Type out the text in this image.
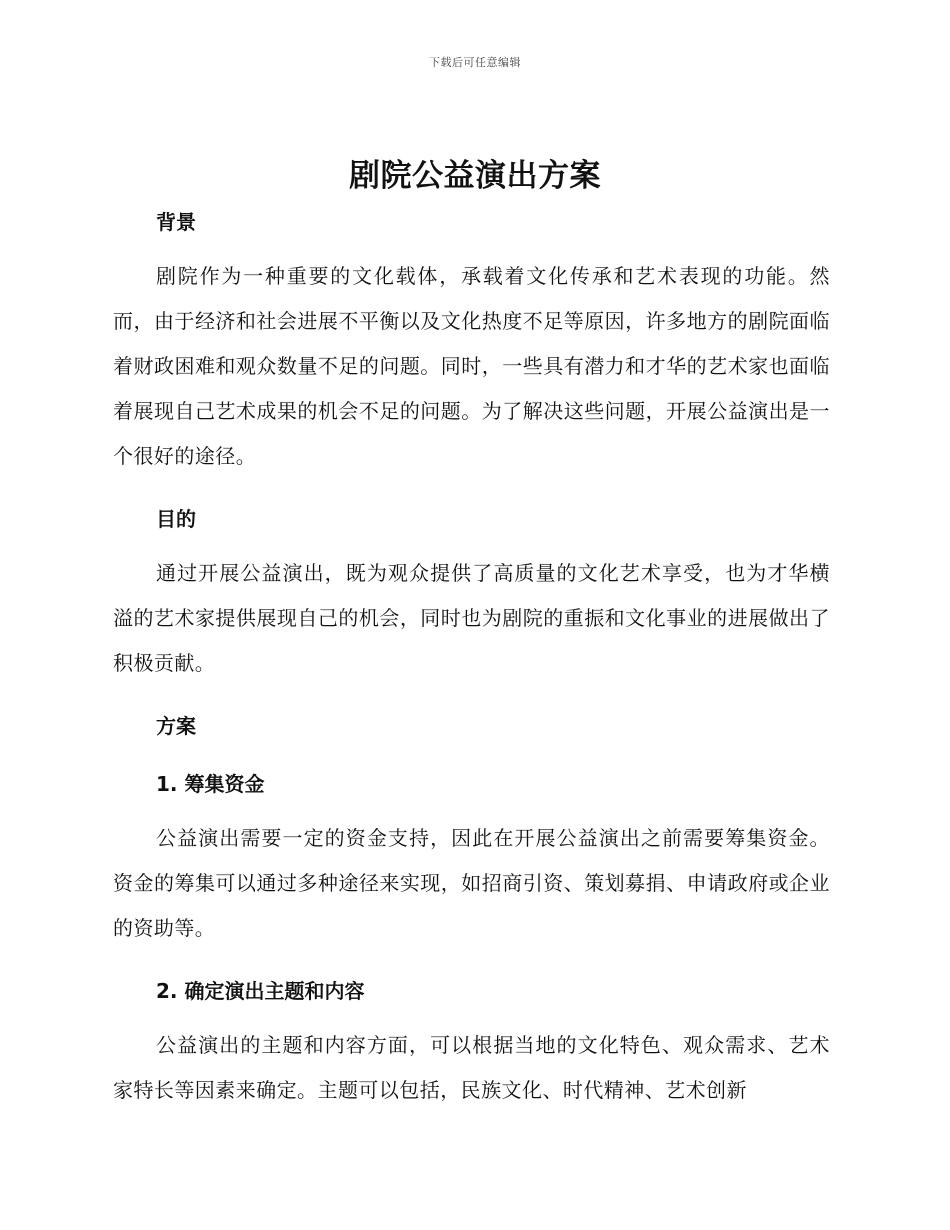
下载后可任意编辑
剧院公益演出方案
背景

剧院作为一种重要的文化载体，承载着文化传承和艺术表现的功能。然而，由于经济和社会进展不平衡以及文化热度不足等原因，许多地方的剧院面临着财政困难和观众数量不足的问题。同时，一些具有潜力和才华的艺术家也面临着展现自己艺术成果的机会不足的问题。为了解决这些问题，开展公益演出是一个很好的途径。

目的

通过开展公益演出，既为观众提供了高质量的文化艺术享受，也为才华横溢的艺术家提供展现自己的机会，同时也为剧院的重振和文化事业的进展做出了积极贡献。

方案
1. 筹集资金

公益演出需要一定的资金支持，因此在开展公益演出之前需要筹集资金。资金的筹集可以通过多种途径来实现，如招商引资、策划募捐、申请政府或企业的资助等。

2. 确定演出主题和内容

公益演出的主题和内容方面，可以根据当地的文化特色、观众需求、艺术家特长等因素来确定。主题可以包括，民族文化、时代精神、艺术创新
